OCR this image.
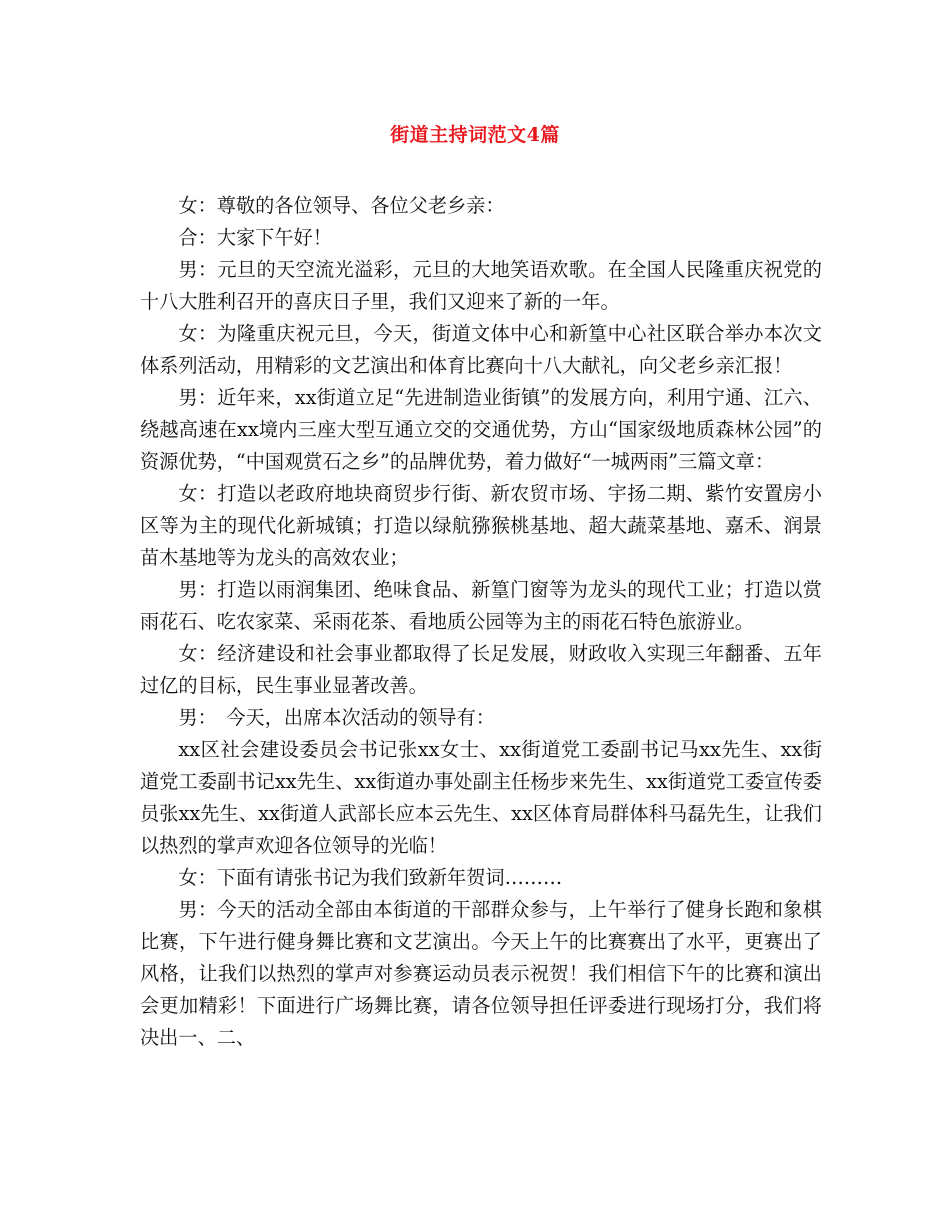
街道主持词范文4篇

女：尊敬的各位领导、各位父老乡亲：

合：大家下午好！

男：元旦的天空流光溢彩，元旦的大地笑语欢歌。在全国人民隆重庆祝党的十八大胜利召开的喜庆日子里，我们又迎来了新的一年。

女：为隆重庆祝元旦，今天，街道文体中心和新篁中心社区联合举办本次文体系列活动，用精彩的文艺演出和体育比赛向十八大献礼，向父老乡亲汇报！

男：近年来，xx街道立足“先进制造业街镇”的发展方向，利用宁通、江六、绕越高速在xx境内三座大型互通立交的交通优势，方山“国家级地质森林公园”的资源优势，“中国观赏石之乡”的品牌优势，着力做好“一城两雨”三篇文章：

女：打造以老政府地块商贸步行街、新农贸市场、宇扬二期、紫竹安置房小区等为主的现代化新城镇；打造以绿航猕猴桃基地、超大蔬菜基地、嘉禾、润景苗木基地等为龙头的高效农业；

男：打造以雨润集团、绝味食品、新篁门窗等为龙头的现代工业；打造以赏雨花石、吃农家菜、采雨花茶、看地质公园等为主的雨花石特色旅游业。

女：经济建设和社会事业都取得了长足发展，财政收入实现三年翻番、五年过亿的目标，民生事业显著改善。

男：　今天，出席本次活动的领导有：

xx区社会建设委员会书记张xx女士、xx街道党工委副书记马xx先生、xx街道党工委副书记xx先生、xx街道办事处副主任杨步来先生、xx街道党工委宣传委员张xx先生、xx街道人武部长应本云先生、xx区体育局群体科马磊先生，让我们以热烈的掌声欢迎各位领导的光临！

女：下面有请张书记为我们致新年贺词………

男：今天的活动全部由本街道的干部群众参与，上午举行了健身长跑和象棋比赛，下午进行健身舞比赛和文艺演出。今天上午的比赛赛出了水平，更赛出了风格，让我们以热烈的掌声对参赛运动员表示祝贺！我们相信下午的比赛和演出会更加精彩！下面进行广场舞比赛，请各位领导担任评委进行现场打分，我们将决出一、二、
